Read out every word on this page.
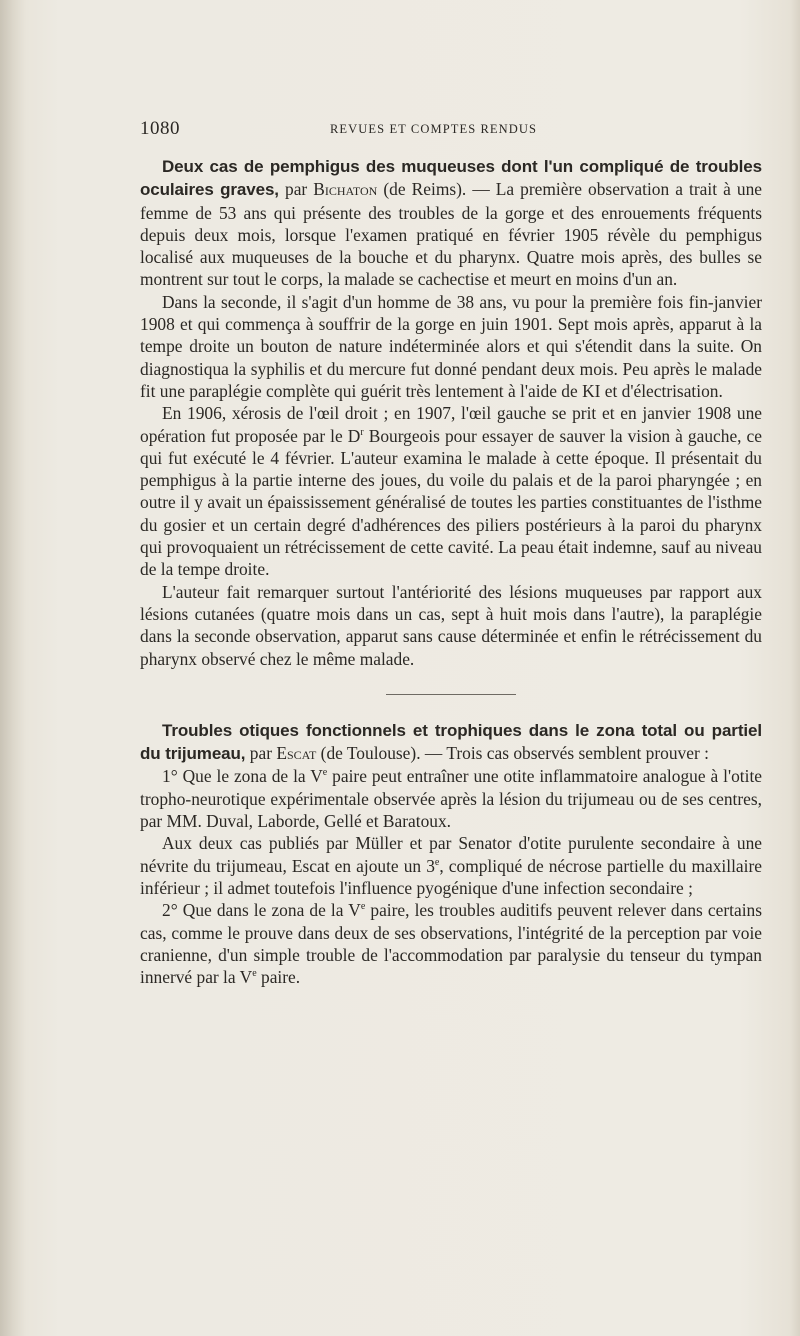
1080	REVUES ET COMPTES RENDUS

Deux cas de pemphigus des muqueuses dont l'un compliqué de troubles oculaires graves, par Bichaton (de Reims). — La première observation a trait à une femme de 53 ans qui présente des troubles de la gorge et des enrouements fréquents depuis deux mois, lorsque l'examen pratiqué en février 1905 révèle du pemphigus localisé aux muqueuses de la bouche et du pharynx. Quatre mois après, des bulles se montrent sur tout le corps, la malade se cachectise et meurt en moins d'un an.

Dans la seconde, il s'agit d'un homme de 38 ans, vu pour la première fois fin-janvier 1908 et qui commença à souffrir de la gorge en juin 1901. Sept mois après, apparut à la tempe droite un bouton de nature indéterminée alors et qui s'étendit dans la suite. On diagnostiqua la syphilis et du mercure fut donné pendant deux mois. Peu après le malade fit une paraplégie complète qui guérit très lentement à l'aide de KI et d'électrisation.

En 1906, xérosis de l'œil droit ; en 1907, l'œil gauche se prit et en janvier 1908 une opération fut proposée par le $D^r$ Bourgeois pour essayer de sauver la vision à gauche, ce qui fut exécuté le 4 février. L'auteur examina le malade à cette époque. Il présentait du pemphigus à la partie interne des joues, du voile du palais et de la paroi pharyngée ; en outre il y avait un épaississement généralisé de toutes les parties constituantes de l'isthme du gosier et un certain degré d'adhérences des piliers postérieurs à la paroi du pharynx qui provoquaient un rétrécissement de cette cavité. La peau était indemne, sauf au niveau de la tempe droite.

L'auteur fait remarquer surtout l'antériorité des lésions muqueuses par rapport aux lésions cutanées (quatre mois dans un cas, sept à huit mois dans l'autre), la paraplégie dans la seconde observation, apparut sans cause déterminée et enfin le rétrécissement du pharynx observé chez le même malade.

Troubles otiques fonctionnels et trophiques dans le zona total ou partiel du trijumeau, par Escat (de Toulouse). — Trois cas observés semblent prouver :

1° Que le zona de la Ve paire peut entraîner une otite inflammatoire analogue à l'otite tropho-neurotique expérimentale observée après la lésion du trijumeau ou de ses centres, par MM. Duval, Laborde, Gellé et Baratoux.

Aux deux cas publiés par Müller et par Senator d'otite purulente secondaire à une névrite du trijumeau, Escat en ajoute un 3e, compliqué de nécrose partielle du maxillaire inférieur ; il admet toutefois l'influence pyogénique d'une infection secondaire ;

2° Que dans le zona de la Ve paire, les troubles auditifs peuvent relever dans certains cas, comme le prouve dans deux de ses observations, l'intégrité de la perception par voie cranienne, d'un simple trouble de l'accommodation par paralysie du tenseur du tympan innervé par la Ve paire.
